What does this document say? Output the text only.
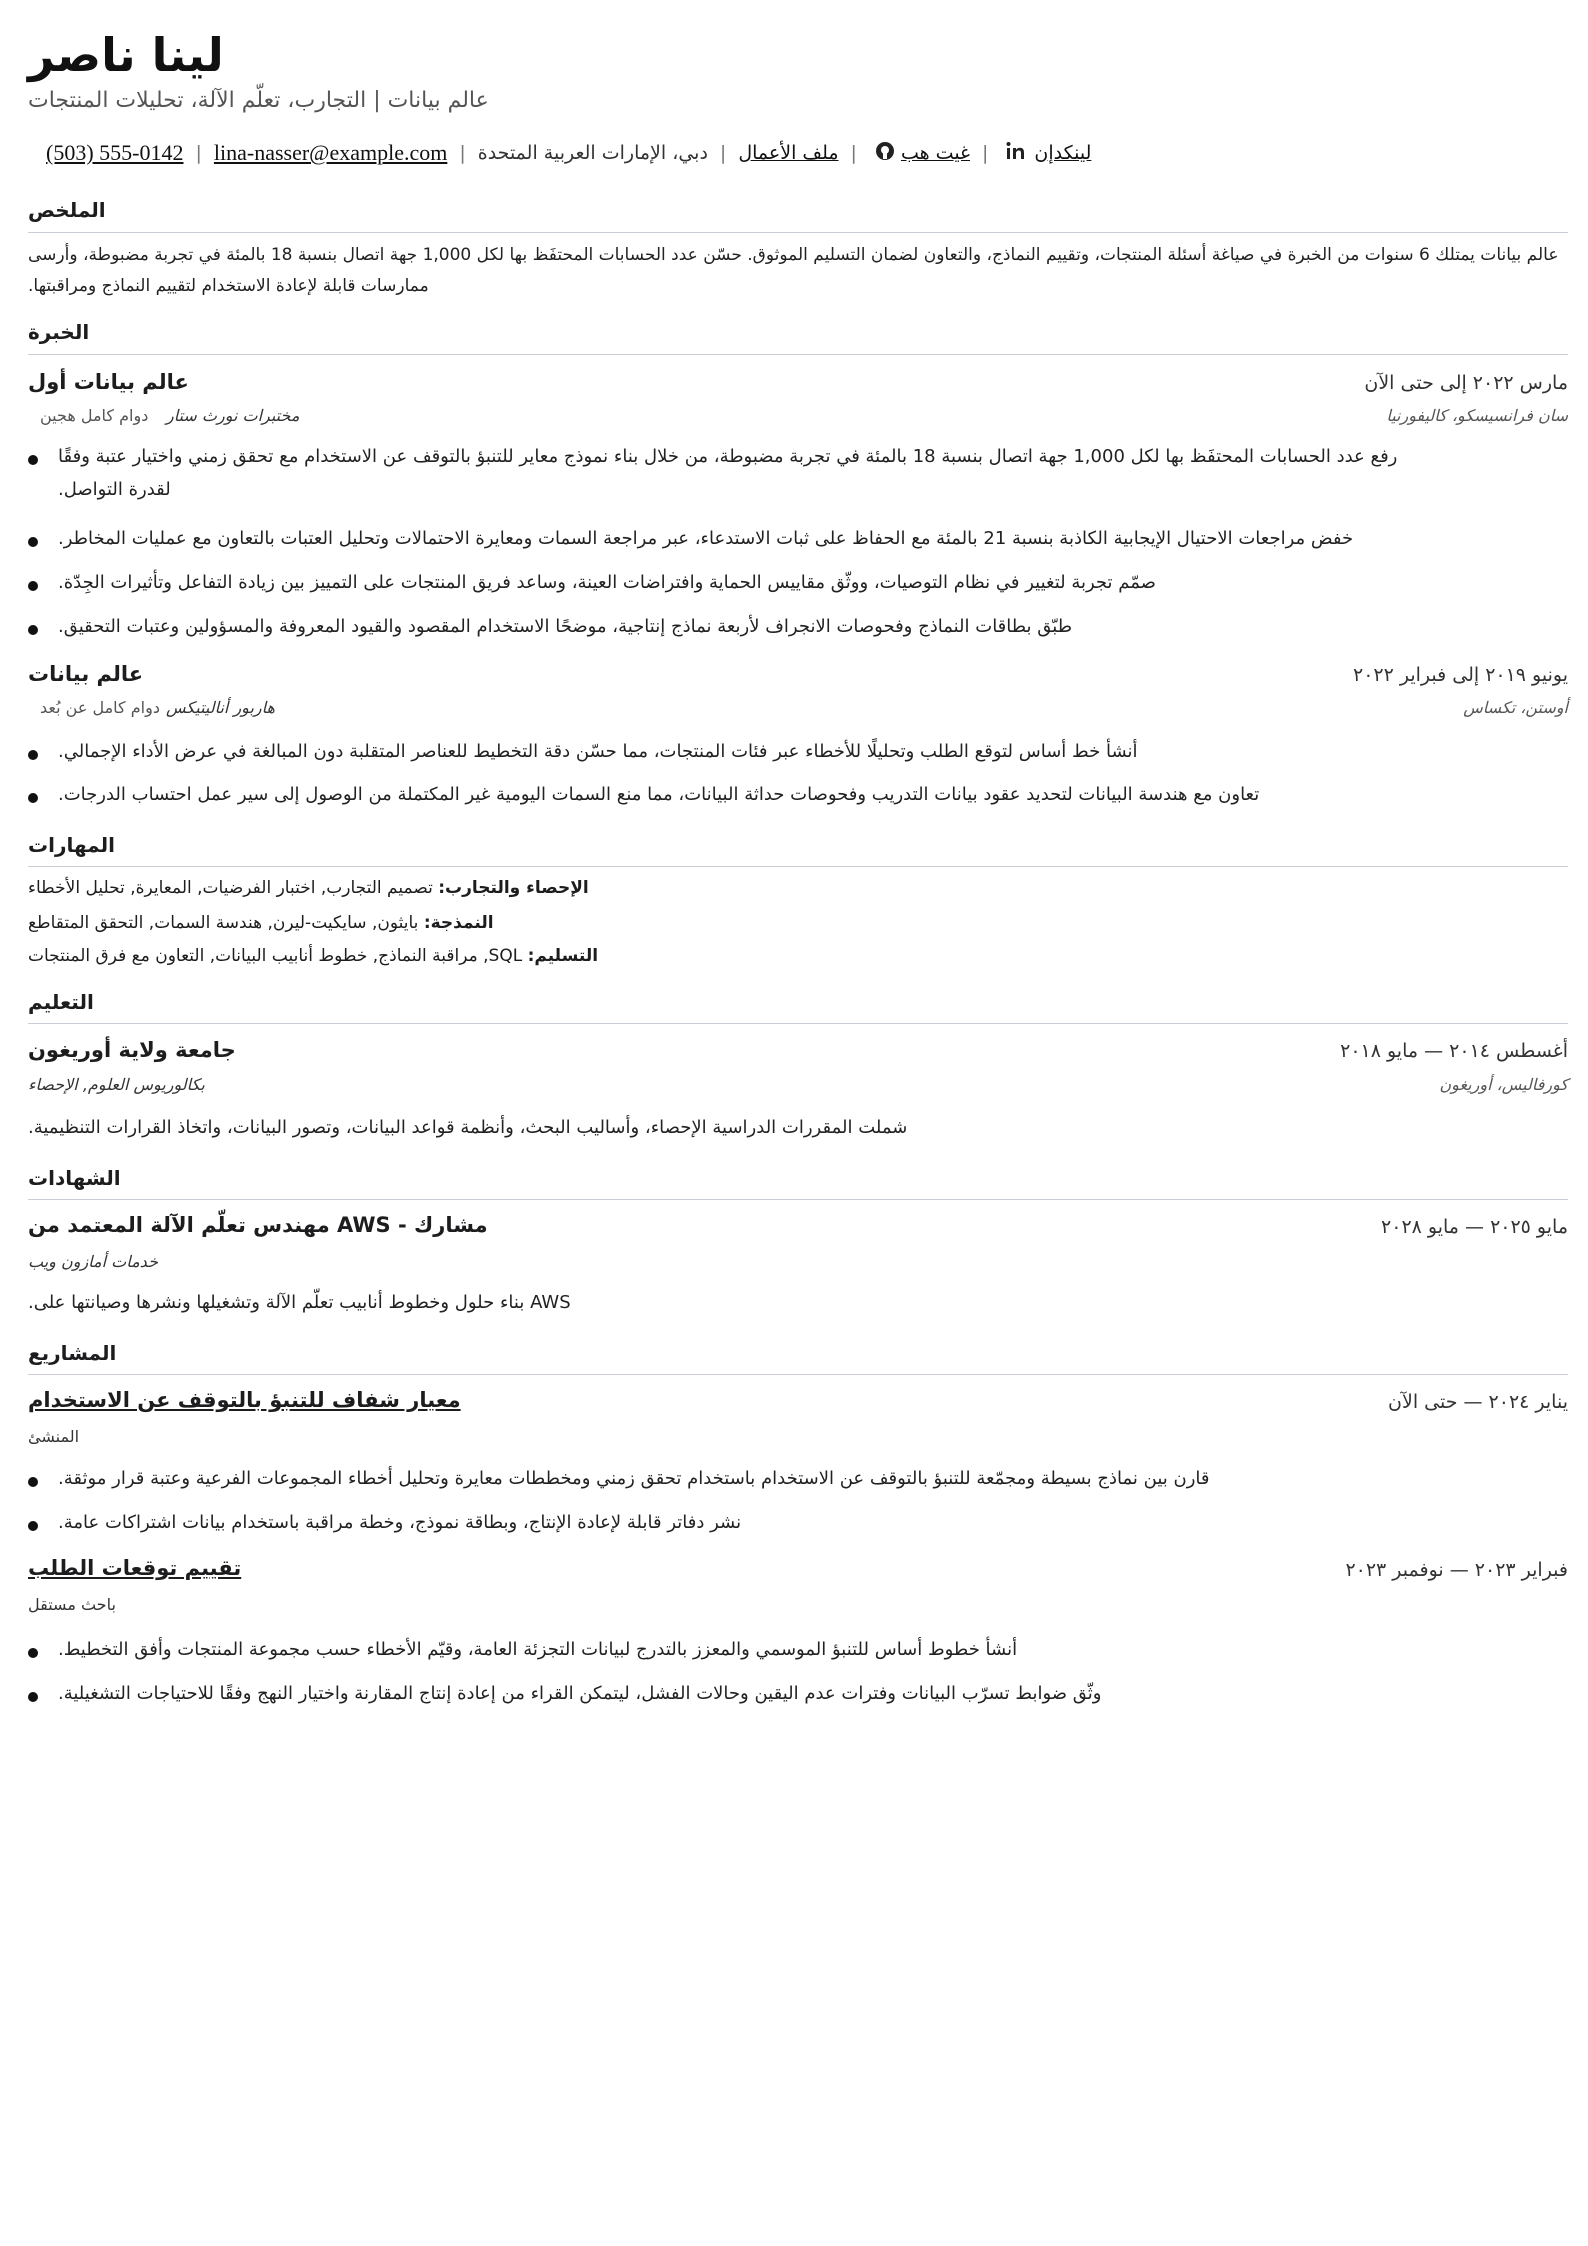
لينا ناصر
عالم بيانات | التجارب، تعلّم الآلة، تحليلات المنتجات
(503) 555-0142 | lina-nasser@example.com | دبي، الإمارات العربية المتحدة | ملف الأعمال | غيت هب | لينكدإن
الملخص
عالم بيانات يمتلك 6 سنوات من الخبرة في صياغة أسئلة المنتجات، وتقييم النماذج، والتعاون لضمان التسليم الموثوق. حسّن عدد الحسابات المحتفَظ بها لكل 1,000 جهة اتصال بنسبة 18 بالمئة في تجربة مضبوطة، وأرسى
ممارسات قابلة لإعادة الاستخدام لتقييم النماذج ومراقبتها.
الخبرة
عالم بيانات أول	مارس ٢٠٢٢ إلى حتى الآن
مختبرات نورث ستار
دوام كامل هجين	سان فرانسيسكو، كاليفورنيا
رفع عدد الحسابات المحتفَظ بها لكل 1,000 جهة اتصال بنسبة 18 بالمئة في تجربة مضبوطة، من خلال بناء نموذج معاير للتنبؤ بالتوقف عن الاستخدام مع تحقق زمني واختيار عتبة وفقًا
لقدرة التواصل.
خفض مراجعات الاحتيال الإيجابية الكاذبة بنسبة 21 بالمئة مع الحفاظ على ثبات الاستدعاء، عبر مراجعة السمات ومعايرة الاحتمالات وتحليل العتبات بالتعاون مع عمليات المخاطر.
صمّم تجربة لتغيير في نظام التوصيات، ووثّق مقاييس الحماية وافتراضات العينة، وساعد فريق المنتجات على التمييز بين زيادة التفاعل وتأثيرات الجِدّة.
طبّق بطاقات النماذج وفحوصات الانجراف لأربعة نماذج إنتاجية، موضحًا الاستخدام المقصود والقيود المعروفة والمسؤولين وعتبات التحقيق.
عالم بيانات	يونيو ٢٠١٩ إلى فبراير ٢٠٢٢
هاربور أناليتيكس
دوام كامل عن بُعد	أوستن، تكساس
أنشأ خط أساس لتوقع الطلب وتحليلًا للأخطاء عبر فئات المنتجات، مما حسّن دقة التخطيط للعناصر المتقلبة دون المبالغة في عرض الأداء الإجمالي.
تعاون مع هندسة البيانات لتحديد عقود بيانات التدريب وفحوصات حداثة البيانات، مما منع السمات اليومية غير المكتملة من الوصول إلى سير عمل احتساب الدرجات.
المهارات
الإحصاء والتجارب: تصميم التجارب, اختبار الفرضيات, المعايرة, تحليل الأخطاء
النمذجة: بايثون, سايكيت-ليرن, هندسة السمات, التحقق المتقاطع
التسليم: SQL, مراقبة النماذج, خطوط أنابيب البيانات, التعاون مع فرق المنتجات
التعليم
جامعة ولاية أوريغون	أغسطس ٢٠١٤ — مايو ٢٠١٨
بكالوريوس العلوم, الإحصاء	كورفاليس، أوريغون
شملت المقررات الدراسية الإحصاء، وأساليب البحث، وأنظمة قواعد البيانات، وتصور البيانات، واتخاذ القرارات التنظيمية.
الشهادات
مشارك - AWS مهندس تعلّم الآلة المعتمد من	مايو ٢٠٢٥ — مايو ٢٠٢٨
خدمات أمازون ويب
AWS بناء حلول وخطوط أنابيب تعلّم الآلة وتشغيلها ونشرها وصيانتها على.
المشاريع
معيار شفاف للتنبؤ بالتوقف عن الاستخدام	يناير ٢٠٢٤ — حتى الآن
المنشئ
قارن بين نماذج بسيطة ومجمّعة للتنبؤ بالتوقف عن الاستخدام باستخدام تحقق زمني ومخططات معايرة وتحليل أخطاء المجموعات الفرعية وعتبة قرار موثقة.
نشر دفاتر قابلة لإعادة الإنتاج، وبطاقة نموذج، وخطة مراقبة باستخدام بيانات اشتراكات عامة.
تقييم توقعات الطلب	فبراير ٢٠٢٣ — نوفمبر ٢٠٢٣
باحث مستقل
أنشأ خطوط أساس للتنبؤ الموسمي والمعزز بالتدرج لبيانات التجزئة العامة، وقيّم الأخطاء حسب مجموعة المنتجات وأفق التخطيط.
وثّق ضوابط تسرّب البيانات وفترات عدم اليقين وحالات الفشل، ليتمكن القراء من إعادة إنتاج المقارنة واختيار النهج وفقًا للاحتياجات التشغيلية.
